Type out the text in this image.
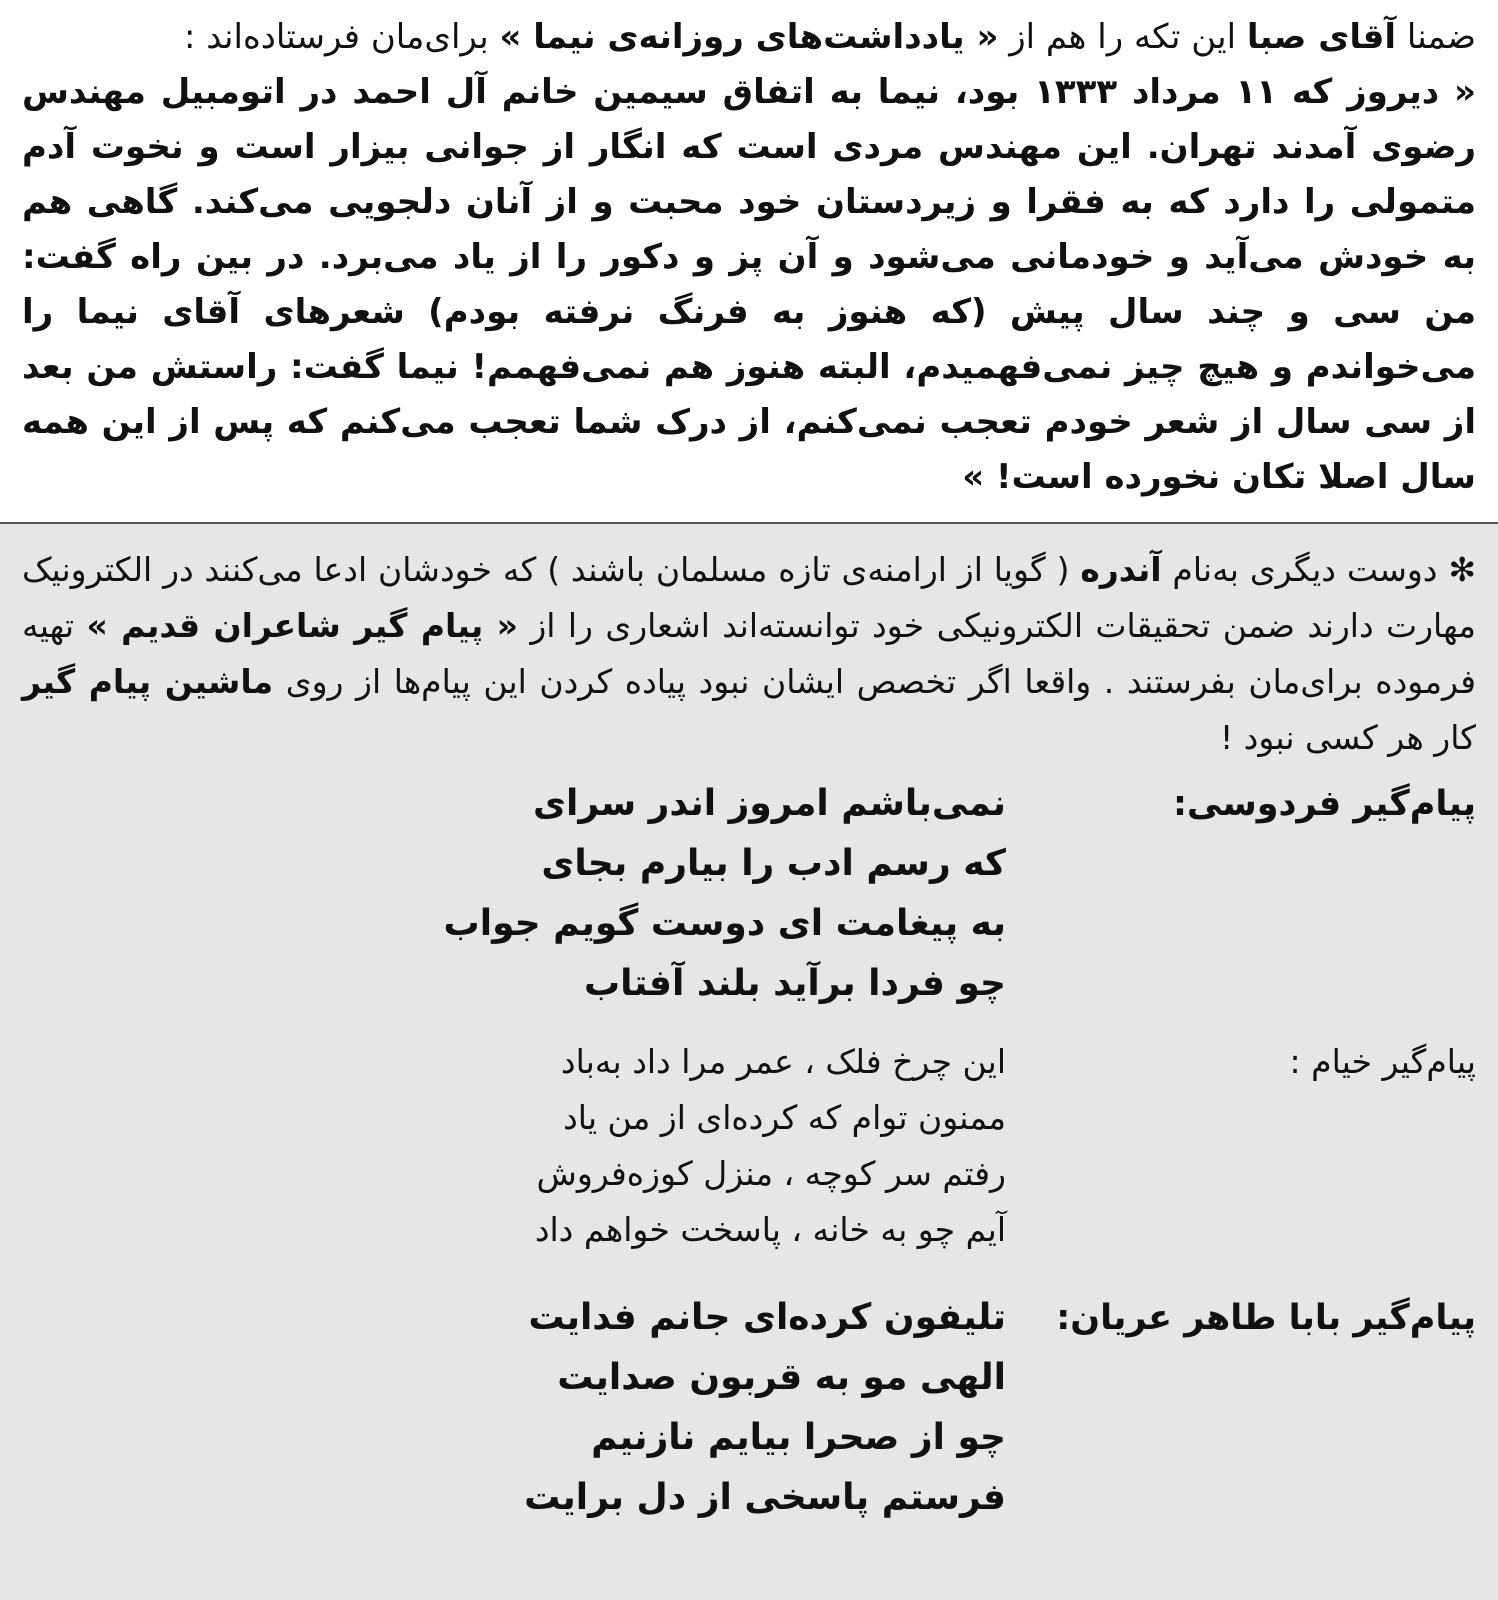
ضمنا آقای صبا این تکه را هم از « یادداشت‌های روزانه‌ی نیما » برای‌مان فرستاده‌اند :

« دیروز که ۱۱ مرداد ۱۳۳۳ بود، نیما به اتفاق سیمین خانم آل احمد در اتومبیل مهندس رضوی آمدند تهران. این مهندس مردی است که انگار از جوانی بیزار است و نخوت آدم متمولی را دارد که به فقرا و زیردستان خود محبت و از آنان دلجویی می‌کند. گاهی هم به خودش می‌آید و خودمانی می‌شود و آن پز و دکور را از یاد می‌برد. در بین راه گفت: من سی و چند سال پیش (که هنوز به فرنگ نرفته بودم) شعرهای آقای نیما را می‌خواندم و هیچ چیز نمی‌فهمیدم، البته هنوز هم نمی‌فهمم! نیما گفت: راستش من بعد از سی سال از شعر خودم تعجب نمی‌کنم، از درک شما تعجب می‌کنم که پس از این همه سال اصلا تکان نخورده است! »

✻ دوست دیگری به‌نام آندره ( گویا از ارامنه‌ی تازه مسلمان باشند ) که خودشان ادعا می‌کنند در الکترونیک مهارت دارند ضمن تحقیقات الکترونیکی خود توانسته‌اند اشعاری را از « پیام گیر شاعران قدیم » تهیه فرموده برای‌مان بفرستند . واقعا اگر تخصص ایشان نبود پیاده کردن این پیام‌ها از روی ماشین پیام گیر کار هر کسی نبود !

پیام‌گیر فردوسی:
نمی‌باشم امروز اندر سرای
که رسم ادب را بیارم بجای
به پیغامت ای دوست گویم جواب
چو فردا برآید بلند آفتاب
پیام‌گیر خیام :
این چرخ فلک ، عمر مرا داد به‌باد
ممنون توام که کرده‌ای از من یاد
رفتم سر کوچه ، منزل کوزه‌فروش
آیم چو به خانه ، پاسخت خواهم داد
پیام‌گیر بابا طاهر عریان:
تلیفون کرده‌ای جانم فدایت
الهی مو به قربون صدایت
چو از صحرا بیایم نازنیم
فرستم پاسخی از دل برایت
